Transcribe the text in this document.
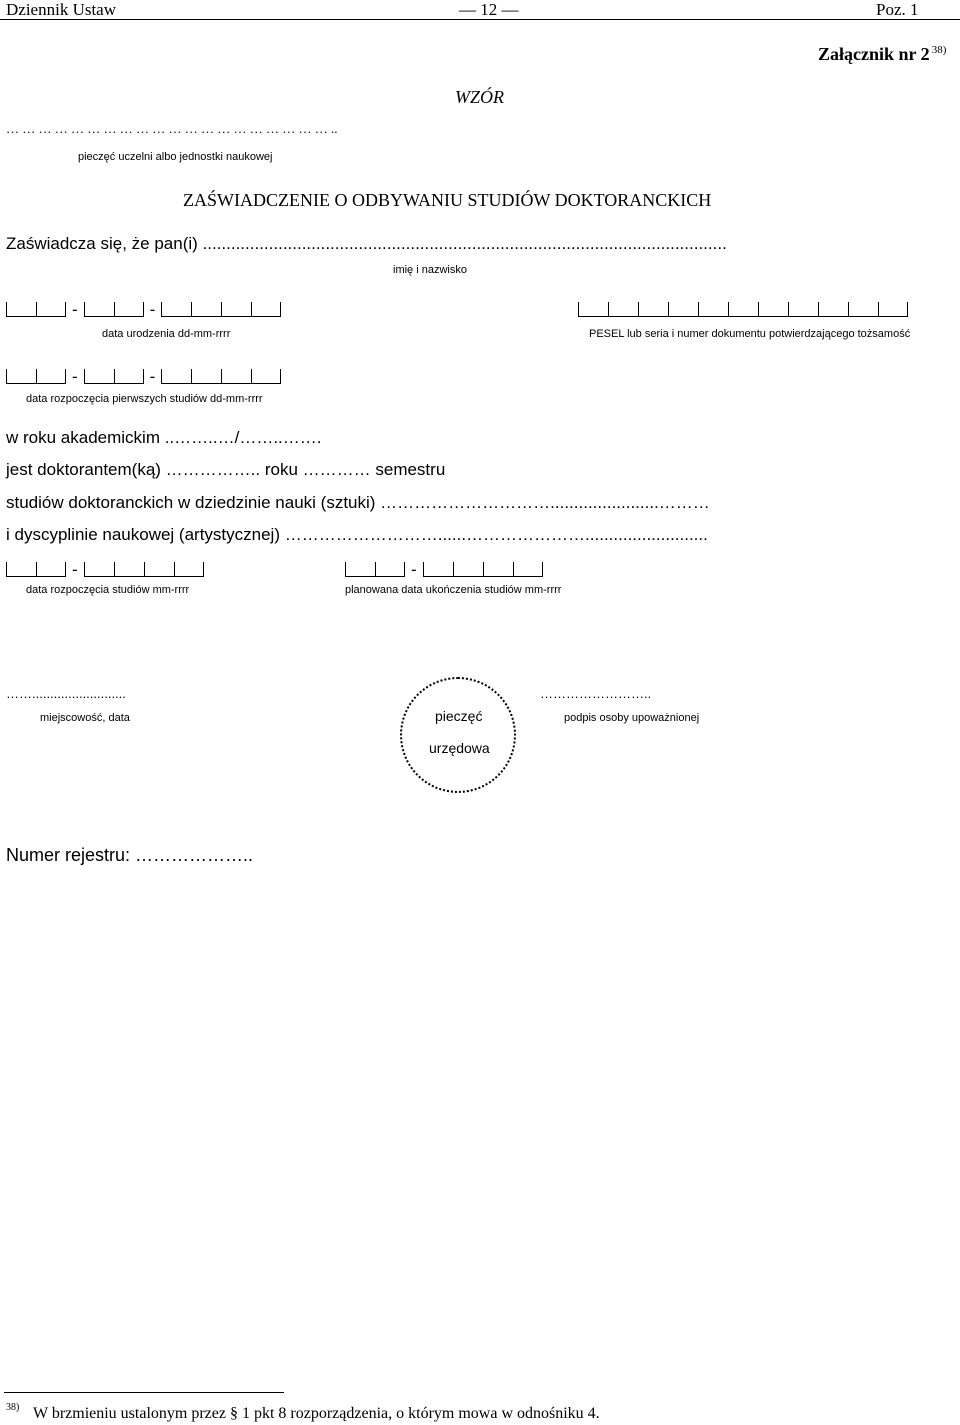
Dziennik Ustaw	— 12 —	Poz. 1
Załącznik nr 2 $^{38)}$
WZÓR
… … … … … … … … … … … … … … … … … … … … ..
pieczęć uczelni albo jednostki naukowej
ZAŚWIADCZENIE O ODBYWANIU STUDIÓW DOKTORANCKICH
Zaświadcza się, że pan(i) ...............................................................................................................
imię i nazwisko
-	-
data urodzenia dd-mm-rrrr	PESEL lub seria i numer dokumentu potwierdzającego tożsamość
-	-
data rozpoczęcia pierwszych studiów dd-mm-rrrr
w roku akademickim ..……..…/……..…….
jest doktorantem(ką) …………….. roku ………… semestru
studiów doktoranckich w dziedzinie nauki (sztuki) ………………………….......................………
i dyscyplinie naukowej (artystycznej) ………………………......…………………..........................
-
data rozpoczęcia studiów mm-rrrr
-
planowana data ukończenia studiów mm-rrrr
……..........................
miejscowość, data	pieczęć
urzędowa
……………………..
podpis osoby upoważnionej
Numer rejestru: ………………..
38) W brzmieniu ustalonym przez § 1 pkt 8 rozporządzenia, o którym mowa w odnośniku 4.
